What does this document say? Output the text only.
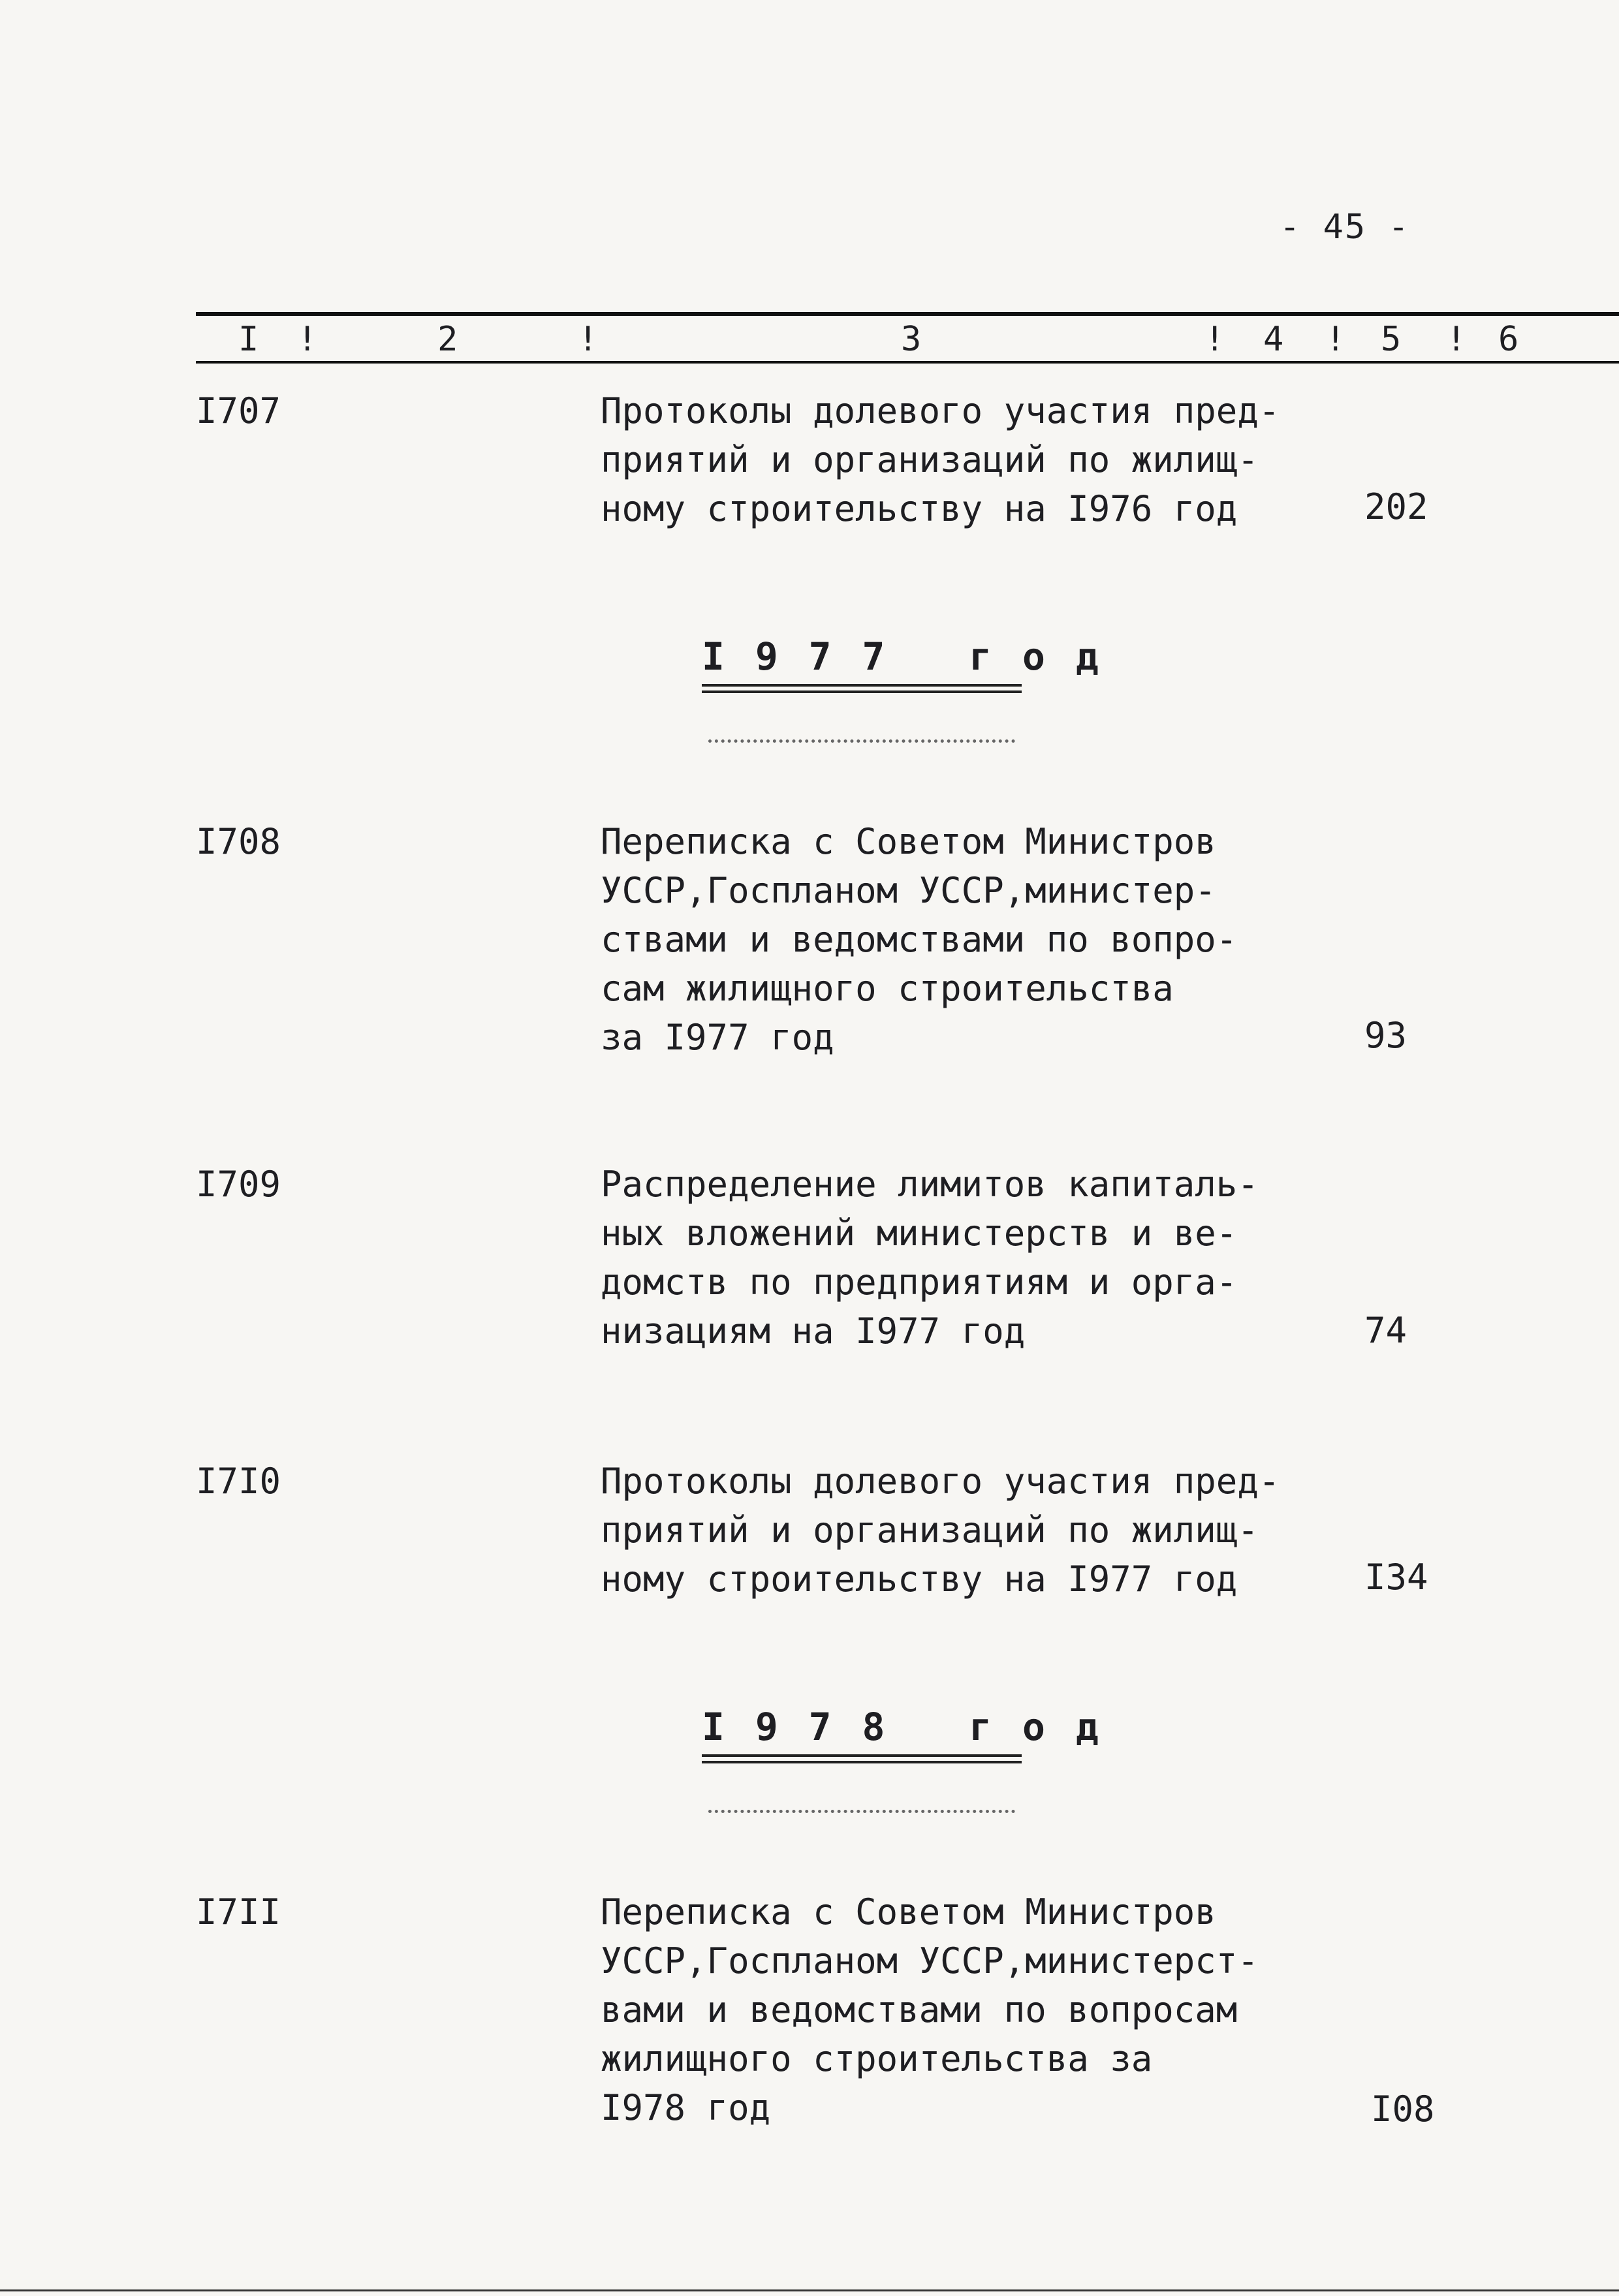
- 45 -
I !	2	!	3	! 4 ! 5 ! 6
I707	Протоколы долевого участия пред-
приятий и организаций по жилищ-
ному строительству на I976 год	202
I 9 7 7   г о д
I708	Переписка с Советом Министров
УССР,Госпланом УССР,министер-
ствами и ведомствами по вопро-
сам жилищного строительства
за I977 год	93
I709	Распределение лимитов капиталь-
ных вложений министерств и ве-
домств по предприятиям и орга-
низациям на I977 год	74
I7I0	Протоколы долевого участия пред-
приятий и организаций по жилищ-
ному строительству на I977 год	I34
I 9 7 8   г о д
I7II	Переписка с Советом Министров
УССР,Госпланом УССР,министерст-
вами и ведомствами по вопросам
жилищного строительства за
I978 год	I08
